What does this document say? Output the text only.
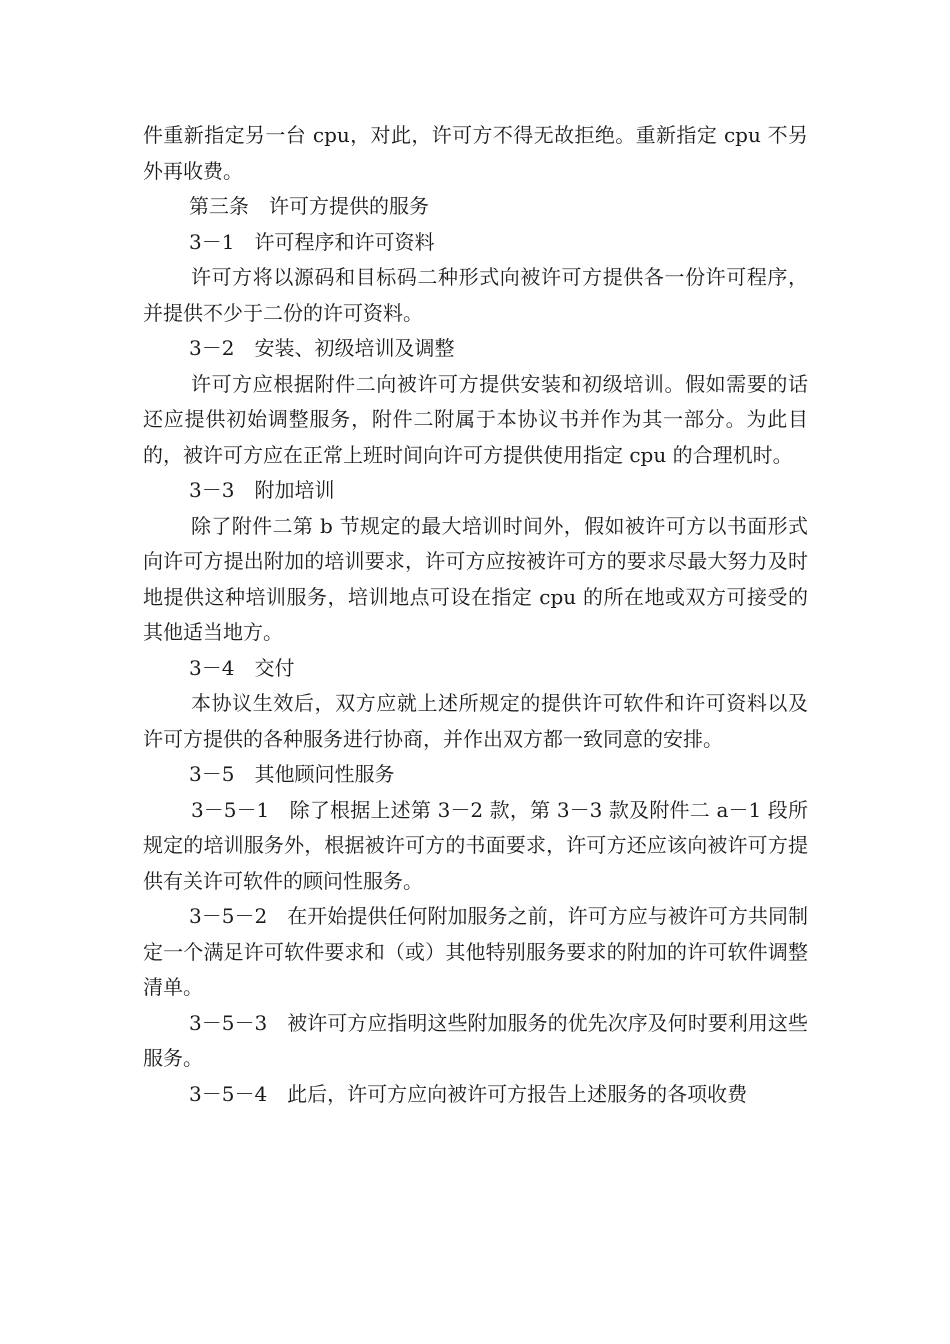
件重新指定另一台 cpu，对此，许可方不得无故拒绝。重新指定 cpu 不另外再收费。

第三条　许可方提供的服务

3－1　许可程序和许可资料

许可方将以源码和目标码二种形式向被许可方提供各一份许可程序，并提供不少于二份的许可资料。

3－2　安装、初级培训及调整

许可方应根据附件二向被许可方提供安装和初级培训。假如需要的话还应提供初始调整服务，附件二附属于本协议书并作为其一部分。为此目的，被许可方应在正常上班时间向许可方提供使用指定 cpu 的合理机时。

3－3　附加培训

除了附件二第 b 节规定的最大培训时间外，假如被许可方以书面形式向许可方提出附加的培训要求，许可方应按被许可方的要求尽最大努力及时地提供这种培训服务，培训地点可设在指定 cpu 的所在地或双方可接受的其他适当地方。

3－4　交付

本协议生效后，双方应就上述所规定的提供许可软件和许可资料以及许可方提供的各种服务进行协商，并作出双方都一致同意的安排。

3－5　其他顾问性服务

3－5－1　除了根据上述第 3－2 款，第 3－3 款及附件二 a－1 段所规定的培训服务外，根据被许可方的书面要求，许可方还应该向被许可方提供有关许可软件的顾问性服务。

3－5－2　在开始提供任何附加服务之前，许可方应与被许可方共同制定一个满足许可软件要求和（或）其他特别服务要求的附加的许可软件调整清单。

3－5－3　被许可方应指明这些附加服务的优先次序及何时要利用这些服务。

3－5－4　此后，许可方应向被许可方报告上述服务的各项收费
